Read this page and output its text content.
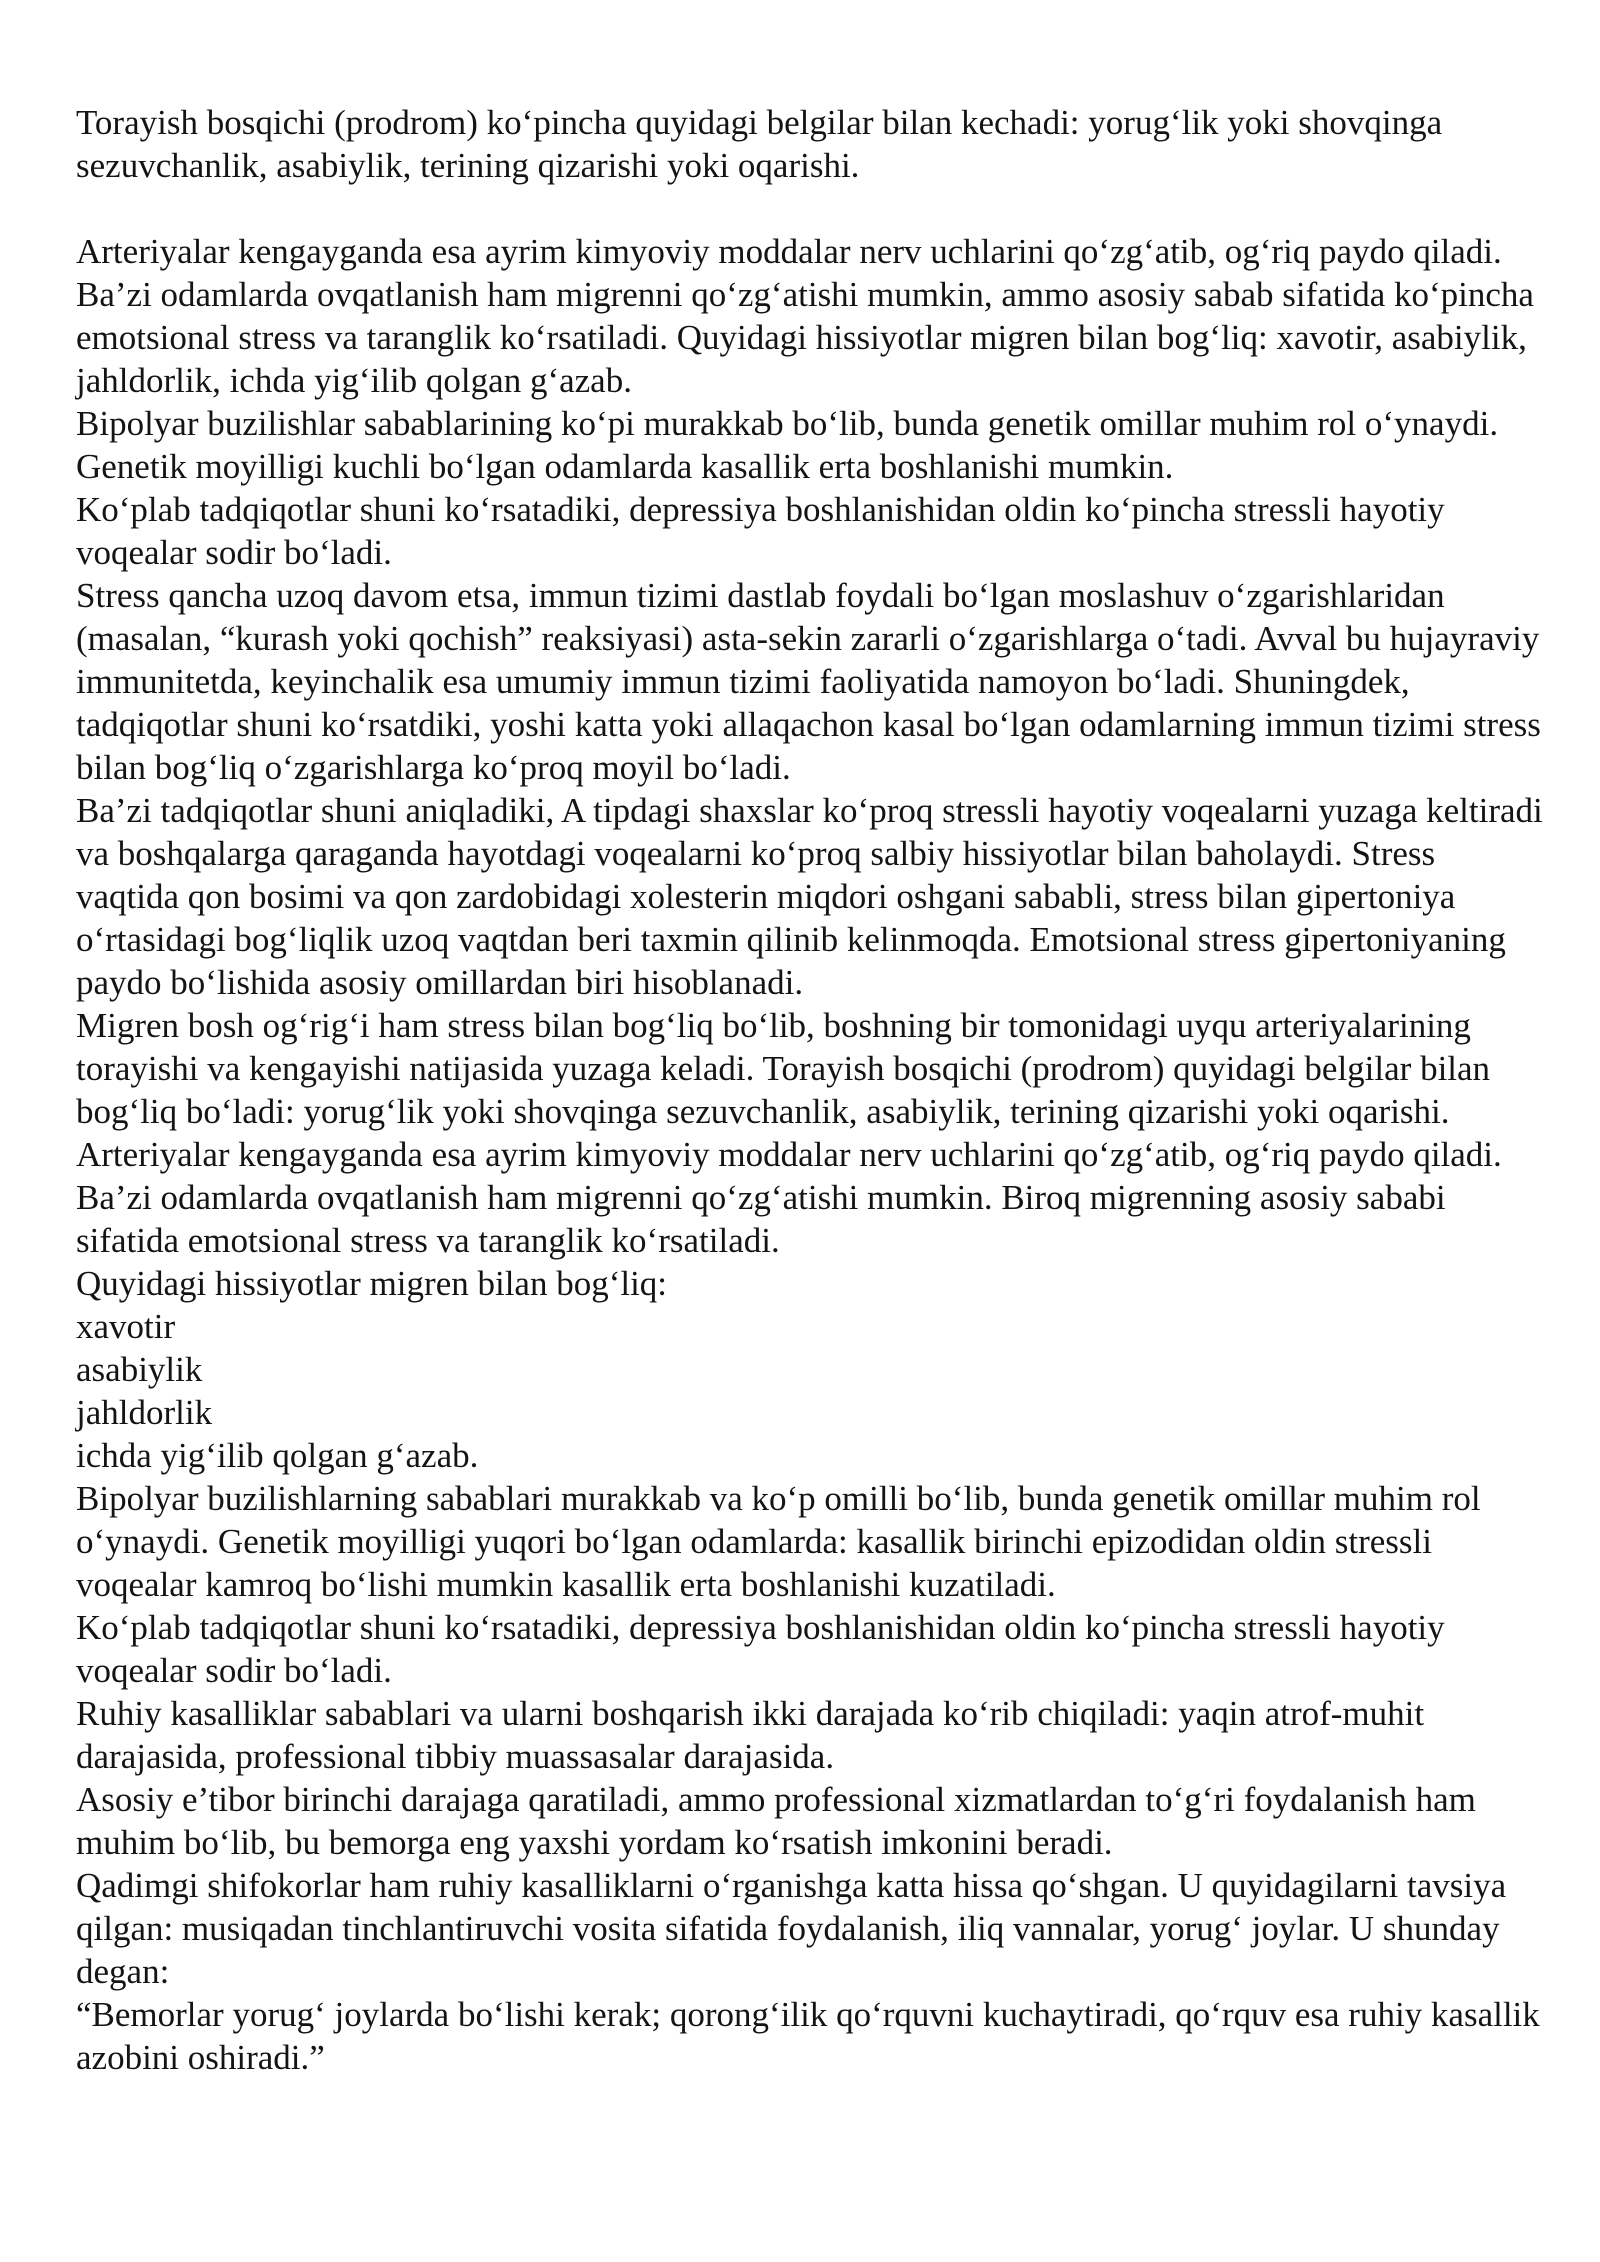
Torayish bosqichi (prodrom) ko‘pincha quyidagi belgilar bilan kechadi: yorug‘lik yoki shovqinga sezuvchanlik, asabiylik, terining qizarishi yoki oqarishi.

Arteriyalar kengayganda esa ayrim kimyoviy moddalar nerv uchlarini qo‘zg‘atib, og‘riq paydo qiladi. Ba’zi odamlarda ovqatlanish ham migrenni qo‘zg‘atishi mumkin, ammo asosiy sabab sifatida ko‘pincha emotsional stress va taranglik ko‘rsatiladi. Quyidagi hissiyotlar migren bilan bog‘liq: xavotir, asabiylik, jahldorlik, ichda yig‘ilib qolgan g‘azab.

Bipolyar buzilishlar sabablarining ko‘pi murakkab bo‘lib, bunda genetik omillar muhim rol o‘ynaydi. Genetik moyilligi kuchli bo‘lgan odamlarda kasallik erta boshlanishi mumkin.

Ko‘plab tadqiqotlar shuni ko‘rsatadiki, depressiya boshlanishidan oldin ko‘pincha stressli hayotiy voqealar sodir bo‘ladi.

Stress qancha uzoq davom etsa, immun tizimi dastlab foydali bo‘lgan moslashuv o‘zgarishlaridan (masalan, “kurash yoki qochish” reaksiyasi) asta-sekin zararli o‘zgarishlarga o‘tadi. Avval bu hujayraviy immunitetda, keyinchalik esa umumiy immun tizimi faoliyatida namoyon bo‘ladi. Shuningdek, tadqiqotlar shuni ko‘rsatdiki, yoshi katta yoki allaqachon kasal bo‘lgan odamlarning immun tizimi stress bilan bog‘liq o‘zgarishlarga ko‘proq moyil bo‘ladi.

Ba’zi tadqiqotlar shuni aniqladiki, A tipdagi shaxslar ko‘proq stressli hayotiy voqealarni yuzaga keltiradi va boshqalarga qaraganda hayotdagi voqealarni ko‘proq salbiy hissiyotlar bilan baholaydi. Stress vaqtida qon bosimi va qon zardobidagi xolesterin miqdori oshgani sababli, stress bilan gipertoniya o‘rtasidagi bog‘liqlik uzoq vaqtdan beri taxmin qilinib kelinmoqda. Emotsional stress gipertoniyaning paydo bo‘lishida asosiy omillardan biri hisoblanadi.

Migren bosh og‘rig‘i ham stress bilan bog‘liq bo‘lib, boshning bir tomonidagi uyqu arteriyalarining torayishi va kengayishi natijasida yuzaga keladi. Torayish bosqichi (prodrom) quyidagi belgilar bilan bog‘liq bo‘ladi: yorug‘lik yoki shovqinga sezuvchanlik, asabiylik, terining qizarishi yoki oqarishi.

Arteriyalar kengayganda esa ayrim kimyoviy moddalar nerv uchlarini qo‘zg‘atib, og‘riq paydo qiladi. Ba’zi odamlarda ovqatlanish ham migrenni qo‘zg‘atishi mumkin. Biroq migrenning asosiy sababi sifatida emotsional stress va taranglik ko‘rsatiladi.

Quyidagi hissiyotlar migren bilan bog‘liq:

xavotir

asabiylik

jahldorlik

ichda yig‘ilib qolgan g‘azab.

Bipolyar buzilishlarning sabablari murakkab va ko‘p omilli bo‘lib, bunda genetik omillar muhim rol o‘ynaydi. Genetik moyilligi yuqori bo‘lgan odamlarda: kasallik birinchi epizodidan oldin stressli voqealar kamroq bo‘lishi mumkin kasallik erta boshlanishi kuzatiladi.

Ko‘plab tadqiqotlar shuni ko‘rsatadiki, depressiya boshlanishidan oldin ko‘pincha stressli hayotiy voqealar sodir bo‘ladi.

Ruhiy kasalliklar sabablari va ularni boshqarish ikki darajada ko‘rib chiqiladi: yaqin atrof-muhit darajasida, professional tibbiy muassasalar darajasida.

Asosiy e’tibor birinchi darajaga qaratiladi, ammo professional xizmatlardan to‘g‘ri foydalanish ham muhim bo‘lib, bu bemorga eng yaxshi yordam ko‘rsatish imkonini beradi.

Qadimgi shifokorlar ham ruhiy kasalliklarni o‘rganishga katta hissa qo‘shgan. U quyidagilarni tavsiya qilgan: musiqadan tinchlantiruvchi vosita sifatida foydalanish, iliq vannalar, yorug‘ joylar. U shunday degan:

“Bemorlar yorug‘ joylarda bo‘lishi kerak; qorong‘ilik qo‘rquvni kuchaytiradi, qo‘rquv esa ruhiy kasallik azobini oshiradi.”
